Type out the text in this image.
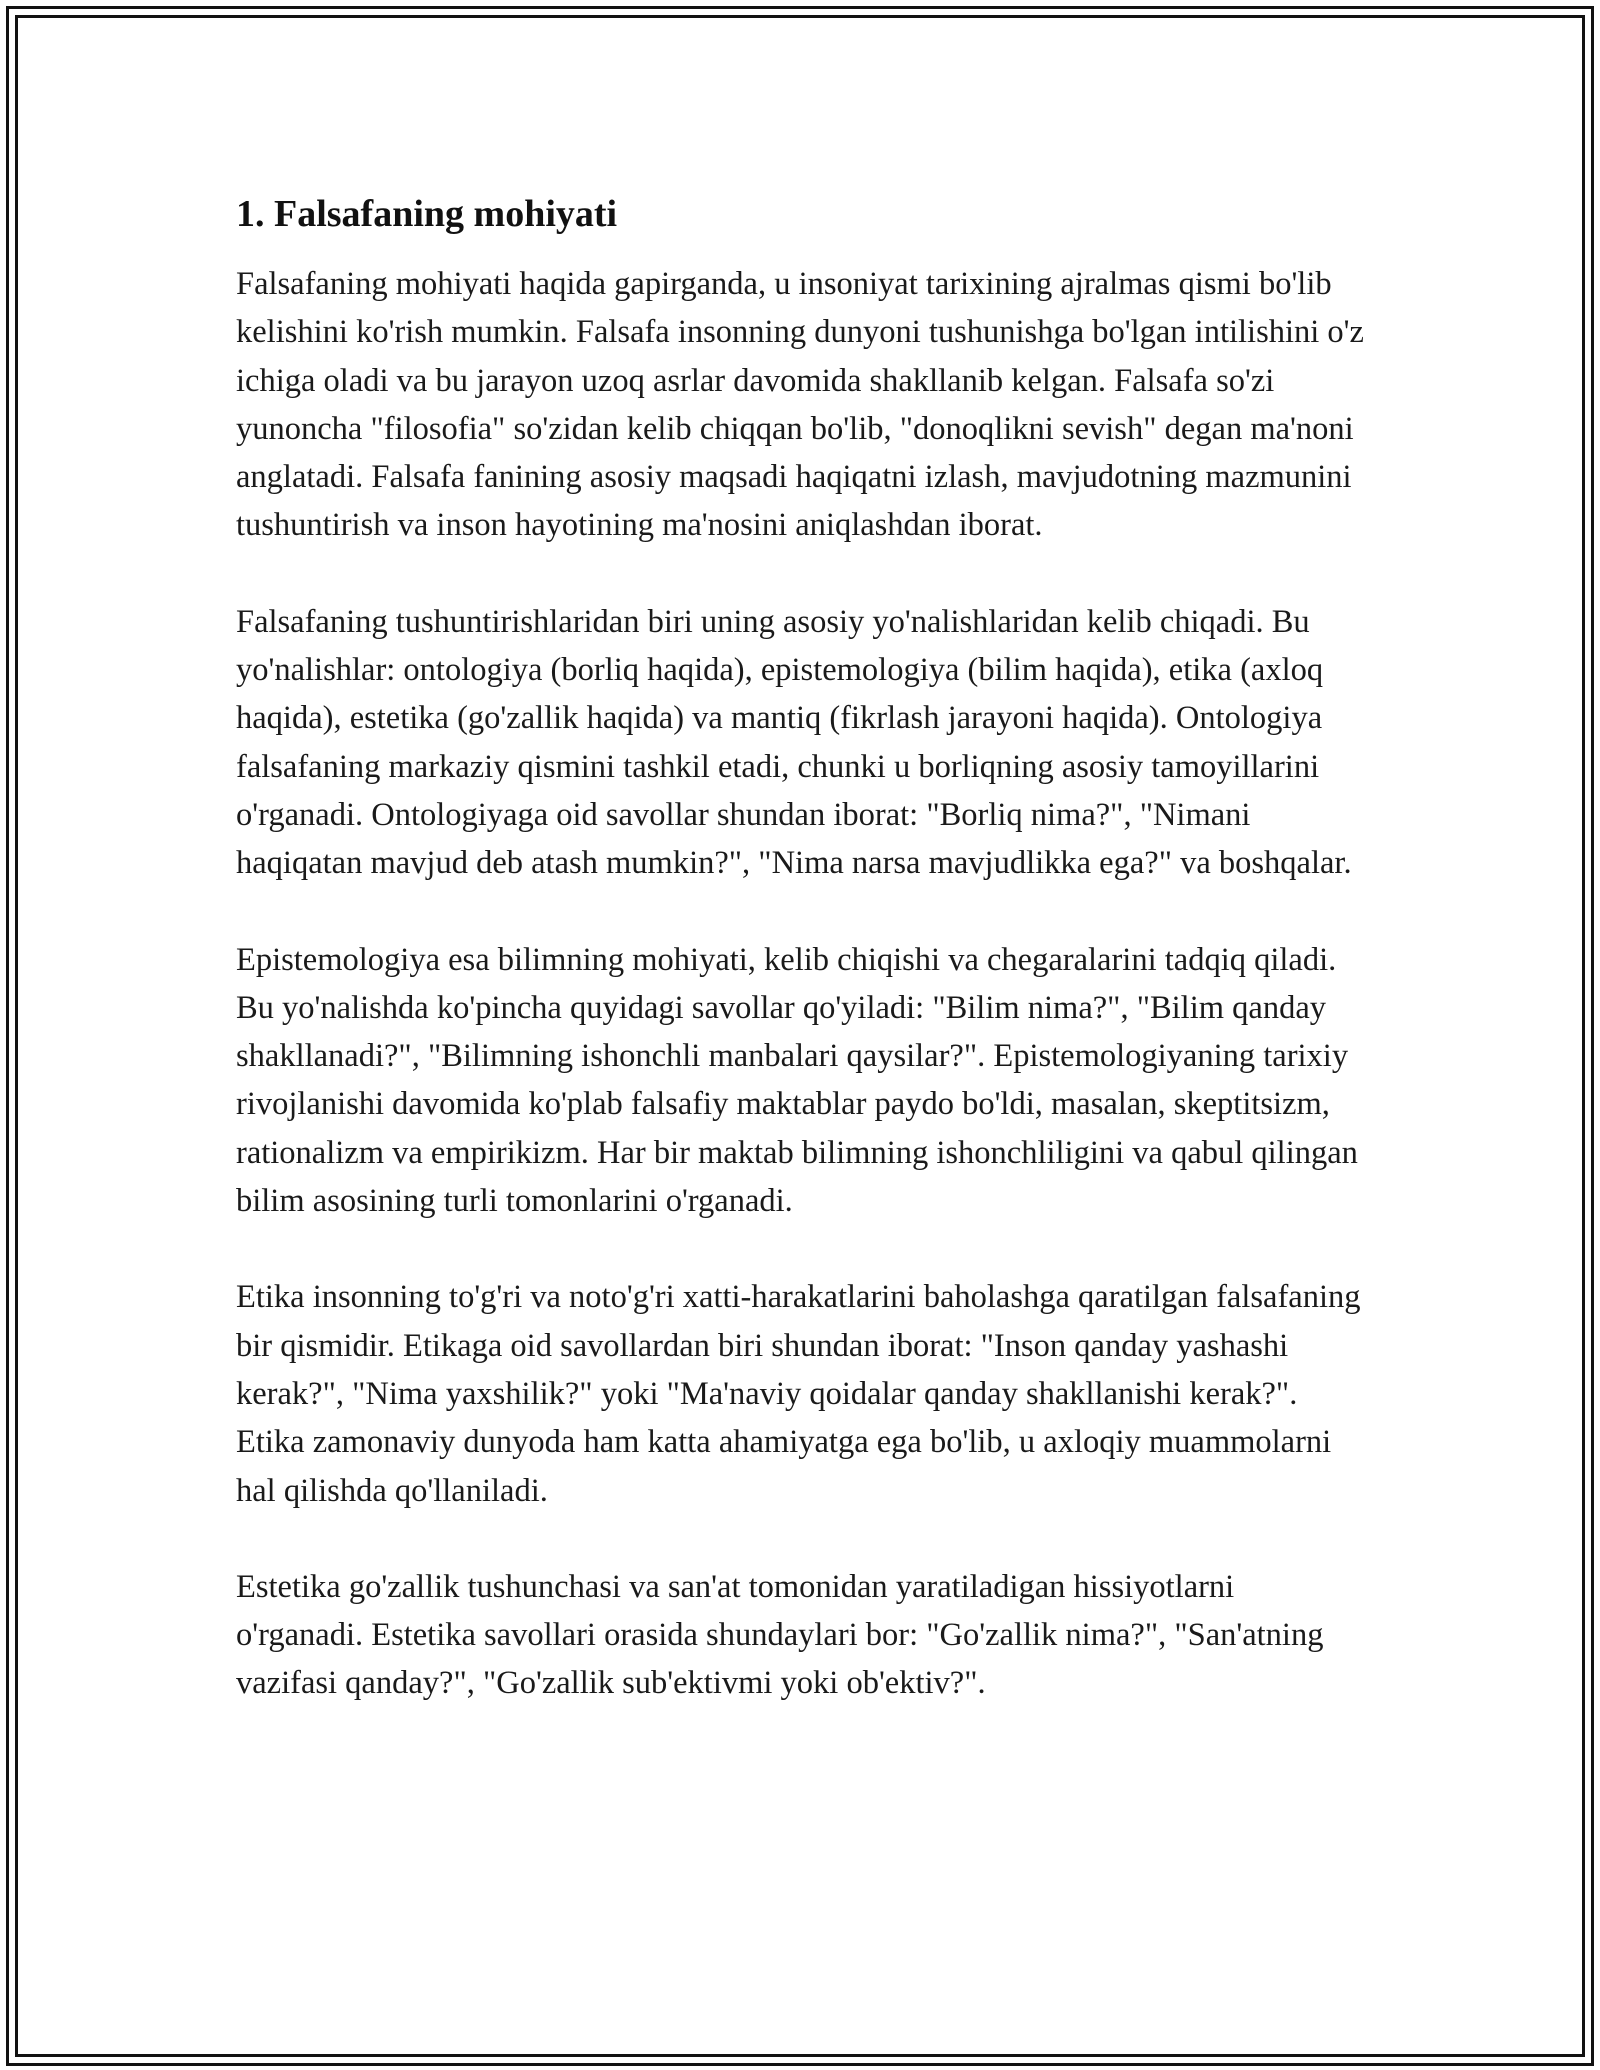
1. Falsafaning mohiyati

Falsafaning mohiyati haqida gapirganda, u insoniyat tarixining ajralmas qismi bo'lib kelishini ko'rish mumkin. Falsafa insonning dunyoni tushunishga bo'lgan intilishini o'z ichiga oladi va bu jarayon uzoq asrlar davomida shakllanib kelgan. Falsafa so'zi yunoncha "filosofia" so'zidan kelib chiqqan bo'lib, "donoqlikni sevish" degan ma'noni anglatadi. Falsafa fanining asosiy maqsadi haqiqatni izlash, mavjudotning mazmunini tushuntirish va inson hayotining ma'nosini aniqlashdan iborat.

Falsafaning tushuntirishlaridan biri uning asosiy yo'nalishlaridan kelib chiqadi. Bu yo'nalishlar: ontologiya (borliq haqida), epistemologiya (bilim haqida), etika (axloq haqida), estetika (go'zallik haqida) va mantiq (fikrlash jarayoni haqida). Ontologiya falsafaning markaziy qismini tashkil etadi, chunki u borliqning asosiy tamoyillarini o'rganadi. Ontologiyaga oid savollar shundan iborat: "Borliq nima?", "Nimani haqiqatan mavjud deb atash mumkin?", "Nima narsa mavjudlikka ega?" va boshqalar.

Epistemologiya esa bilimning mohiyati, kelib chiqishi va chegaralarini tadqiq qiladi. Bu yo'nalishda ko'pincha quyidagi savollar qo'yiladi: "Bilim nima?", "Bilim qanday shakllanadi?", "Bilimning ishonchli manbalari qaysilar?". Epistemologiyaning tarixiy rivojlanishi davomida ko'plab falsafiy maktablar paydo bo'ldi, masalan, skeptitsizm, rationalizm va empirikizm. Har bir maktab bilimning ishonchliligini va qabul qilingan bilim asosining turli tomonlarini o'rganadi.

Etika insonning to'g'ri va noto'g'ri xatti-harakatlarini baholashga qaratilgan falsafaning bir qismidir. Etikaga oid savollardan biri shundan iborat: "Inson qanday yashashi kerak?", "Nima yaxshilik?" yoki "Ma'naviy qoidalar qanday shakllanishi kerak?". Etika zamonaviy dunyoda ham katta ahamiyatga ega bo'lib, u axloqiy muammolarni hal qilishda qo'llaniladi.

Estetika go'zallik tushunchasi va san'at tomonidan yaratiladigan hissiyotlarni o'rganadi. Estetika savollari orasida shundaylari bor: "Go'zallik nima?", "San'atning vazifasi qanday?", "Go'zallik sub'ektivmi yoki ob'ektiv?".
